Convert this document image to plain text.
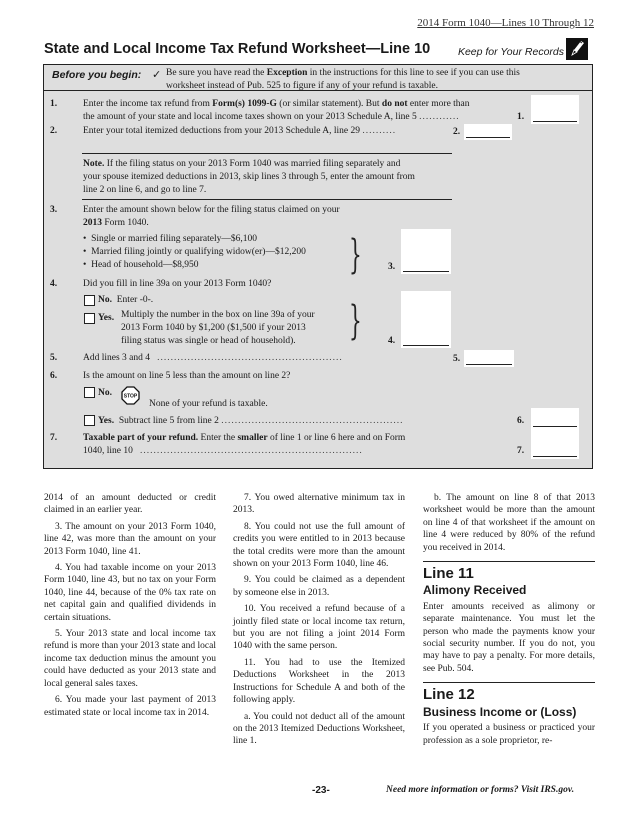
2014 Form 1040—Lines 10 Through 12
State and Local Income Tax Refund Worksheet—Line 10	Keep for Your Records
Before you begin: ✓ Be sure you have read the Exception in the instructions for this line to see if you can use this
worksheet instead of Pub. 525 to figure if any of your refund is taxable.
1.	Enter the income tax refund from Form(s) 1099-G (or similar statement). But do not enter more than
the amount of your state and local income taxes shown on your 2013 Schedule A, line 5 ............	1.
2.	Enter your total itemized deductions from your 2013 Schedule A, line 29 ..........	2.
Note. If the filing status on your 2013 Form 1040 was married filing separately and
your spouse itemized deductions in 2013, skip lines 3 through 5, enter the amount from
line 2 on line 6, and go to line 7.
3.	Enter the amount shown below for the filing status claimed on your
2013 Form 1040.
•  Single or married filing separately—$6,100
•  Married filing jointly or qualifying widow(er)—$12,200
•  Head of household—$8,950	}	3.
4.	Did you fill in line 39a on your 2013 Form 1040?
No. Enter -0-.
Yes. Multiply the number in the box on line 39a of your
2013 Form 1040 by $1,200 ($1,500 if your 2013
filing status was single or head of household).	}	4.
5.	Add lines 3 and 4 .......................................................	5.
6.	Is the amount on line 5 less than the amount on line 2?
No. STOP
None of your refund is taxable.
Yes. Subtract line 5 from line 2 ......................................................	6.
7.	Taxable part of your refund. Enter the smaller of line 1 or line 6 here and on Form
1040, line 10 ..................................................................	7.

2014 of an amount deducted or credit claimed in an earlier year.

3. The amount on your 2013 Form 1040, line 42, was more than the amount on your 2013 Form 1040, line 41.

4. You had taxable income on your 2013 Form 1040, line 43, but no tax on your Form 1040, line 44, because of the 0% tax rate on net capital gain and qualified dividends in certain situations.

5. Your 2013 state and local income tax refund is more than your 2013 state and local income tax deduction minus the amount you could have deducted as your 2013 state and local general sales taxes.

6. You made your last payment of 2013 estimated state or local income tax in 2014.

7. You owed alternative minimum tax in 2013.

8. You could not use the full amount of credits you were entitled to in 2013 because the total credits were more than the amount shown on your 2013 Form 1040, line 46.

9. You could be claimed as a dependent by someone else in 2013.

10. You received a refund because of a jointly filed state or local income tax return, but you are not filing a joint 2014 Form 1040 with the same person.

11. You had to use the Itemized Deductions Worksheet in the 2013 Instructions for Schedule A and both of the following apply.

a. You could not deduct all of the amount on the 2013 Itemized Deductions Worksheet, line 1.

b. The amount on line 8 of that 2013 worksheet would be more than the amount on line 4 of that worksheet if the amount on line 4 were reduced by 80% of the refund you received in 2014.

Line 11
Alimony Received

Enter amounts received as alimony or separate maintenance. You must let the person who made the payments know your social security number. If you do not, you may have to pay a penalty. For more details, see Pub. 504.

Line 12
Business Income or (Loss)

If you operated a business or practiced your profession as a sole proprietor, re-

-23-	Need more information or forms? Visit IRS.gov.
